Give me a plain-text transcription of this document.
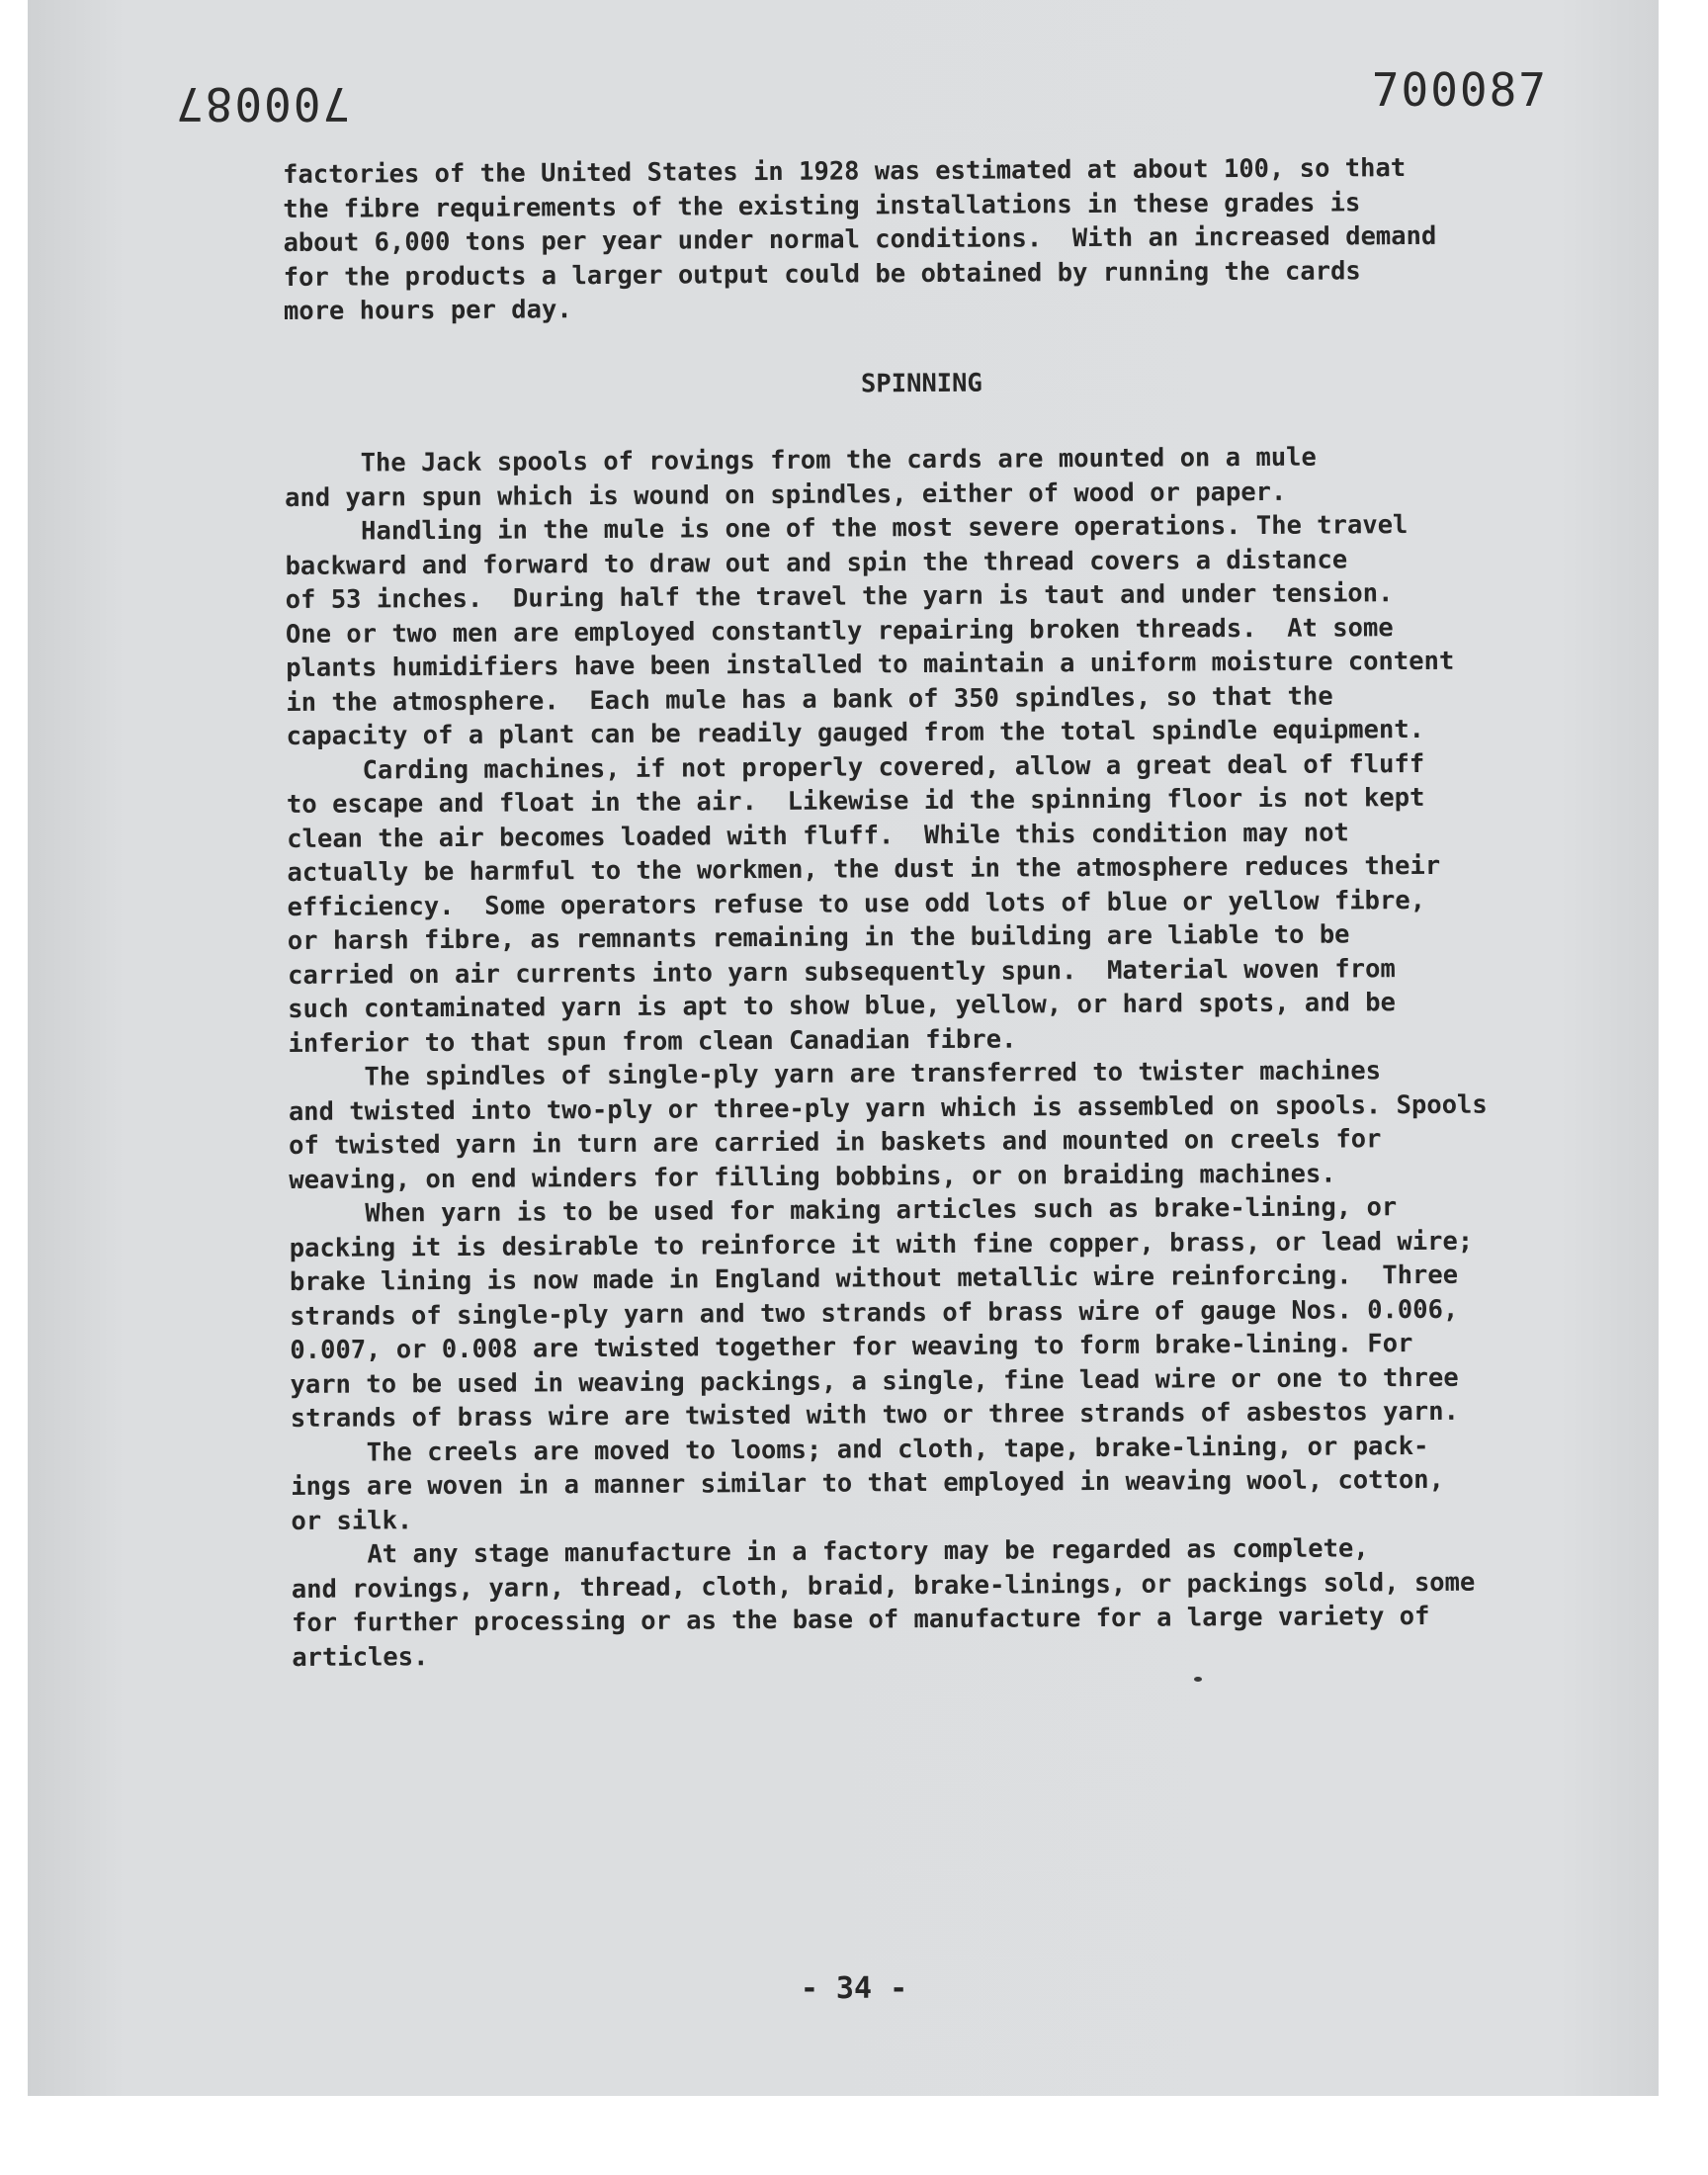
700087	700087
factories of the United States in 1928 was estimated at about 100, so that
the fibre requirements of the existing installations in these grades is
about 6,000 tons per year under normal conditions.  With an increased demand
for the products a larger output could be obtained by running the cards
more hours per day.
SPINNING
The Jack spools of rovings from the cards are mounted on a mule
and yarn spun which is wound on spindles, either of wood or paper.
Handling in the mule is one of the most severe operations. The travel
backward and forward to draw out and spin the thread covers a distance
of 53 inches.  During half the travel the yarn is taut and under tension.
One or two men are employed constantly repairing broken threads.  At some
plants humidifiers have been installed to maintain a uniform moisture content
in the atmosphere.  Each mule has a bank of 350 spindles, so that the
capacity of a plant can be readily gauged from the total spindle equipment.
Carding machines, if not properly covered, allow a great deal of fluff
to escape and float in the air.  Likewise id the spinning floor is not kept
clean the air becomes loaded with fluff.  While this condition may not
actually be harmful to the workmen, the dust in the atmosphere reduces their
efficiency.  Some operators refuse to use odd lots of blue or yellow fibre,
or harsh fibre, as remnants remaining in the building are liable to be
carried on air currents into yarn subsequently spun.  Material woven from
such contaminated yarn is apt to show blue, yellow, or hard spots, and be
inferior to that spun from clean Canadian fibre.
The spindles of single-ply yarn are transferred to twister machines
and twisted into two-ply or three-ply yarn which is assembled on spools. Spools
of twisted yarn in turn are carried in baskets and mounted on creels for
weaving, on end winders for filling bobbins, or on braiding machines.
When yarn is to be used for making articles such as brake-lining, or
packing it is desirable to reinforce it with fine copper, brass, or lead wire;
brake lining is now made in England without metallic wire reinforcing.  Three
strands of single-ply yarn and two strands of brass wire of gauge Nos. 0.006,
0.007, or 0.008 are twisted together for weaving to form brake-lining. For
yarn to be used in weaving packings, a single, fine lead wire or one to three
strands of brass wire are twisted with two or three strands of asbestos yarn.
The creels are moved to looms; and cloth, tape, brake-lining, or pack-
ings are woven in a manner similar to that employed in weaving wool, cotton,
or silk.
At any stage manufacture in a factory may be regarded as complete,
and rovings, yarn, thread, cloth, braid, brake-linings, or packings sold, some
for further processing or as the base of manufacture for a large variety of
articles.
- 34 -
